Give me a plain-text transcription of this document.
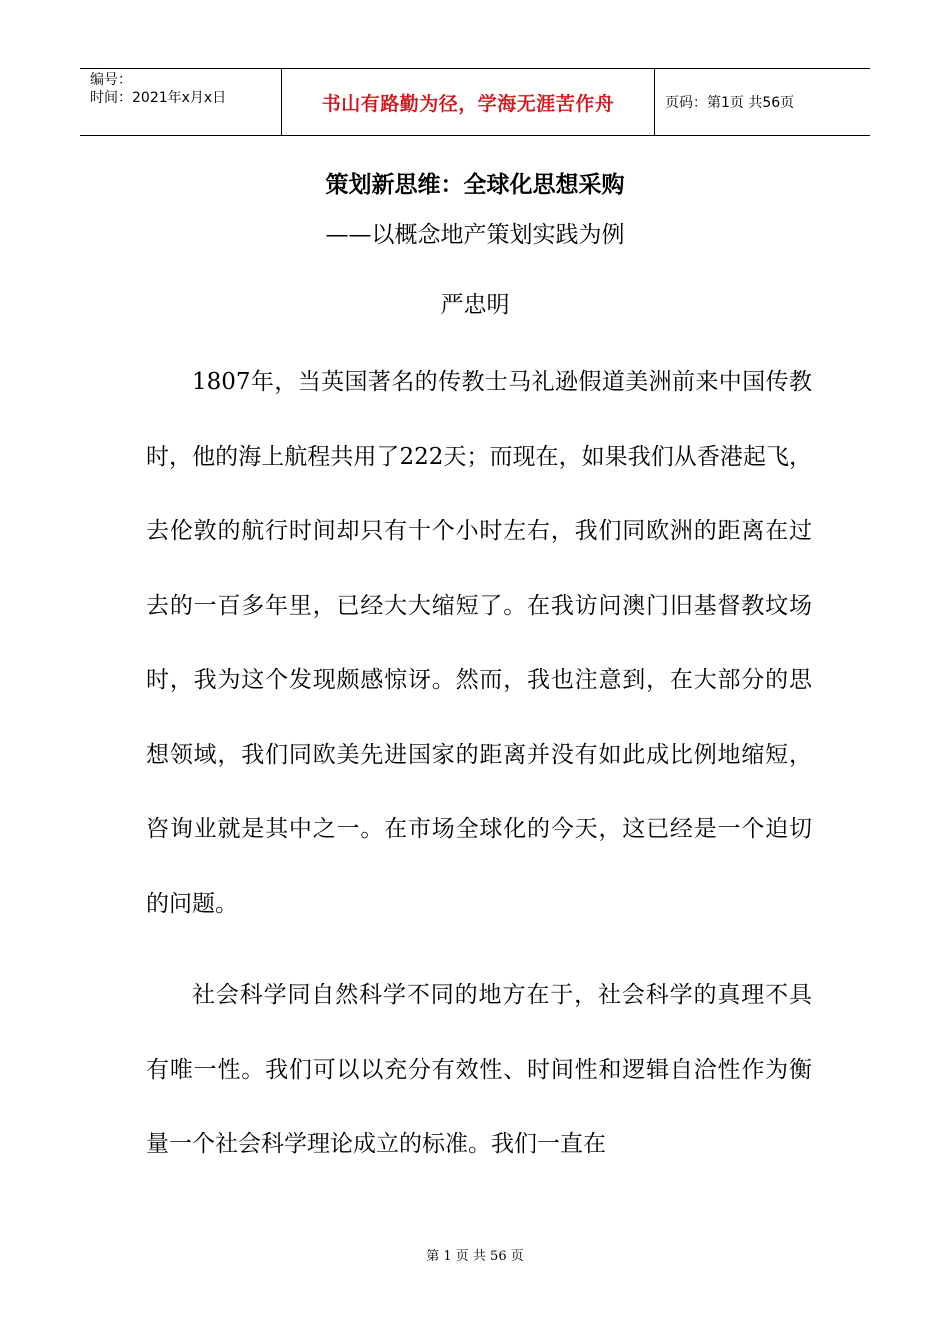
编号：
时间：2021年x月x日	书山有路勤为径，学海无涯苦作舟	页码：第1页 共56页
策划新思维：全球化思想采购

——以概念地产策划实践为例

严忠明

1807年，当英国著名的传教士马礼逊假道美洲前来中国传教时，他的海上航程共用了222天；而现在，如果我们从香港起飞，去伦敦的航行时间却只有十个小时左右，我们同欧洲的距离在过去的一百多年里，已经大大缩短了。在我访问澳门旧基督教坟场时，我为这个发现颇感惊讶。然而，我也注意到，在大部分的思想领域，我们同欧美先进国家的距离并没有如此成比例地缩短，咨询业就是其中之一。在市场全球化的今天，这已经是一个迫切的问题。

社会科学同自然科学不同的地方在于，社会科学的真理不具有唯一性。我们可以以充分有效性、时间性和逻辑自洽性作为衡量一个社会科学理论成立的标准。我们一直在

第 1 页 共 56 页
